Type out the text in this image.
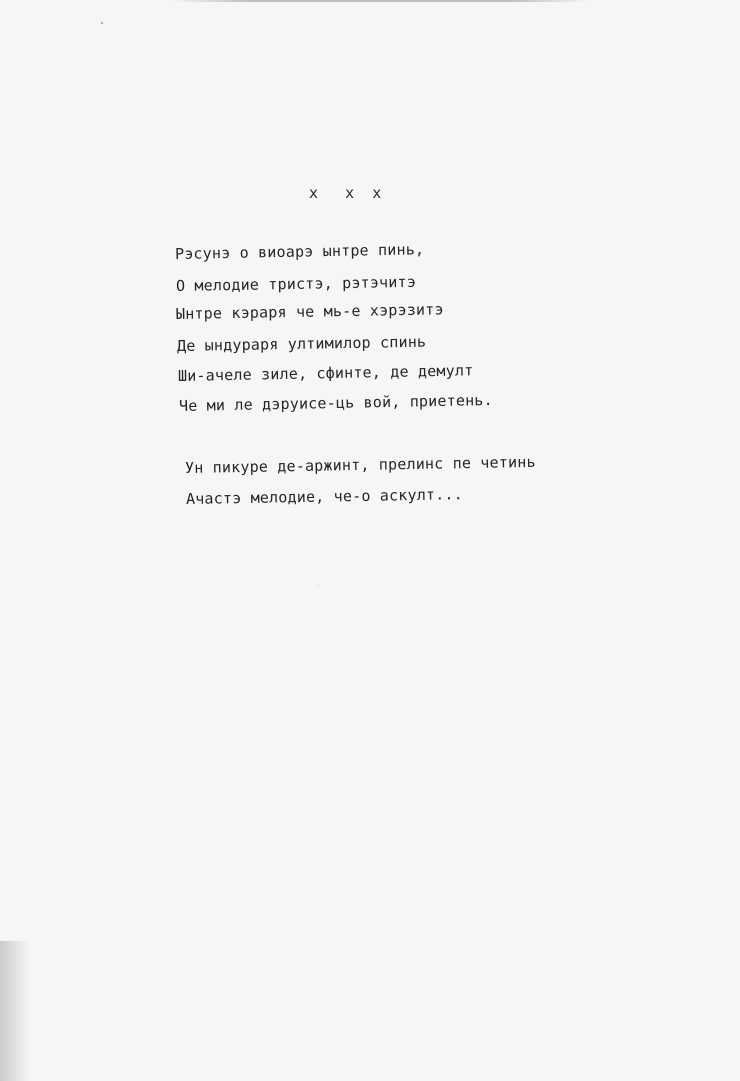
x   x  x
Рэсунэ о виоарэ ынтре пинь,
О мелодие тристэ, рэтэчитэ
Ынтре кэраря че мь-е хэрэзитэ
Де ындураря ултимилор спинь
Ши-ачеле зиле, сфинте, де демулт
Че ми ле дэруисе-ць вой, приетень.
Ун пикуре де-аржинт, прелинс пе четинь
Ачастэ мелодие, че-о аскулт...
